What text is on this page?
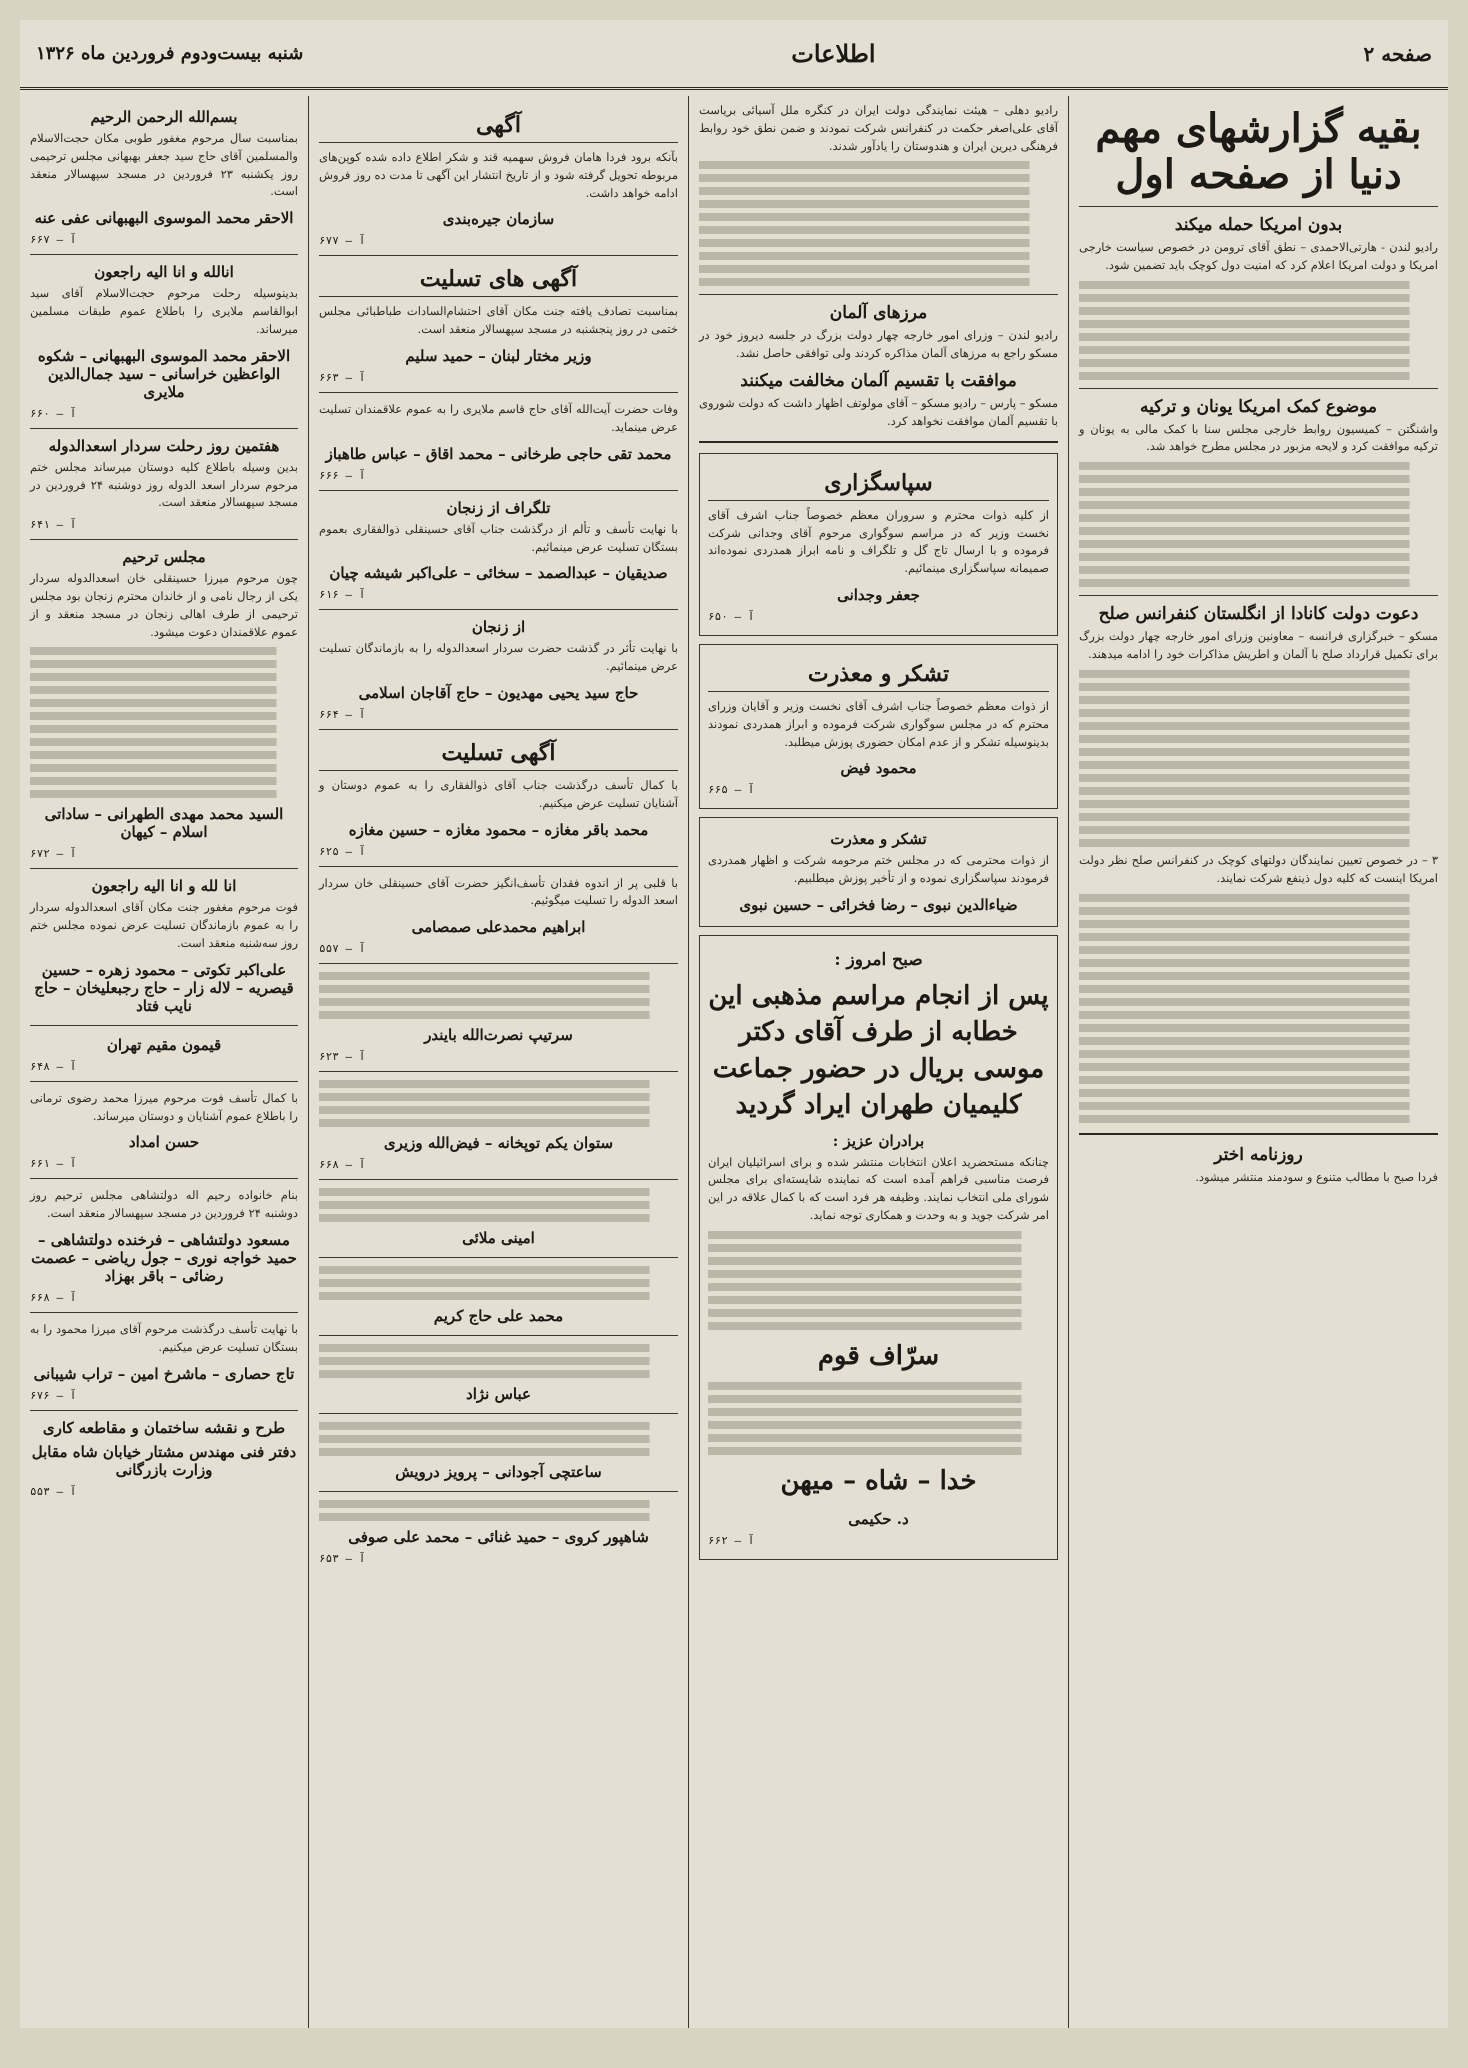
صفحه ۲
اطلاعات
شنبه بیست‌ودوم فروردین ماه ۱۳۲۶
بقیه گزارشهای مهم دنیا از صفحه اول
بدون امریکا حمله میکند

رادیو لندن - هارتی‌الاحمدی – نطق آقای ترومن در خصوص سیاست خارجی امریکا و دولت امریکا اعلام کرد که امنیت دول کوچک باید تضمین شود.

موضوع کمک امریکا یونان و ترکیه

واشنگتن – کمیسیون روابط خارجی مجلس سنا با کمک مالی به یونان و ترکیه موافقت کرد و لایحه مزبور در مجلس مطرح خواهد شد.

دعوت دولت کانادا از انگلستان کنفرانس صلح

مسکو – خبرگزاری فرانسه – معاونین وزرای امور خارجه چهار دولت بزرگ برای تکمیل قرارداد صلح با آلمان و اطریش مذاکرات خود را ادامه میدهند.

۳ – در خصوص تعیین نمایندگان دولتهای کوچک در کنفرانس صلح نظر دولت امریکا اینست که کلیه دول ذینفع شرکت نمایند.

روزنامه اختر

فردا صبح با مطالب متنوع و سودمند منتشر میشود.

رادیو دهلی – هیئت نمایندگی دولت ایران در کنگره ملل آسیائی بریاست آقای علی‌اصغر حکمت در کنفرانس شرکت نمودند و ضمن نطق خود روابط فرهنگی دیرین ایران و هندوستان را یادآور شدند.

مرزهای آلمان

رادیو لندن – وزرای امور خارجه چهار دولت بزرگ در جلسه دیروز خود در مسکو راجع به مرزهای آلمان مذاکره کردند ولی توافقی حاصل نشد.

موافقت با تقسیم آلمان مخالفت میکنند

مسکو – پارس – رادیو مسکو – آقای مولوتف اظهار داشت که دولت شوروی با تقسیم آلمان موافقت نخواهد کرد.

سپاسگزاری

از کلیه ذوات محترم و سروران معظم خصوصاً جناب اشرف آقای نخست وزیر که در مراسم سوگواری مرحوم آقای وجدانی شرکت فرموده و با ارسال تاج گل و تلگراف و نامه ابراز همدردی نموده‌اند صمیمانه سپاسگزاری مینمائیم.

جعفر وجدانی
۶۵۰ – آ
تشکر و معذرت

از ذوات معظم خصوصاً جناب اشرف آقای نخست وزیر و آقایان وزرای محترم که در مجلس سوگواری شرکت فرموده و ابراز همدردی نمودند بدینوسیله تشکر و از عدم امکان حضوری پوزش میطلبد.

محمود فیض
۶۶۵ – آ
تشکر و معذرت

از ذوات محترمی که در مجلس ختم مرحومه شرکت و اظهار همدردی فرمودند سپاسگزاری نموده و از تأخیر پوزش میطلبیم.

ضیاءالدین نبوی – رضا فخرائی – حسین نبوی
صبح امروز :
پس از انجام مراسم مذهبی این خطابه از طرف آقای دکتر موسی بریال در حضور جماعت کلیمیان طهران ایراد گردید
برادران عزیز :

چنانکه مستحضرید اعلان انتخابات منتشر شده و برای اسرائیلیان ایران فرصت مناسبی فراهم آمده است که نماینده شایسته‌ای برای مجلس شورای ملی انتخاب نمایند. وظیفه هر فرد است که با کمال علاقه در این امر شرکت جوید و به وحدت و همکاری توجه نماید.

سرّاف قوم
خدا – شاه – میهن
د. حکیمی
۶۶۲ – آ
آگهی

بآنکه برود فردا هامان فروش سهمیه قند و شکر اطلاع داده شده کوپن‌های مربوطه تحویل گرفته شود و از تاریخ انتشار این آگهی تا مدت ده روز فروش ادامه خواهد داشت.

سازمان جیره‌بندی
۶۷۷ – آ
آگهی های تسلیت

بمناسبت تصادف یافته جنت مکان آقای احتشام‌السادات طباطبائی مجلس ختمی در روز پنجشنبه در مسجد سپهسالار منعقد است.

وزیر مختار لبنان – حمید سلیم
۶۶۳ – آ

وفات حضرت آیت‌الله آقای حاج قاسم ملایری را به عموم علاقمندان تسلیت عرض مینماید.

محمد تقی حاجی طرخانی – محمد اقاق – عباس طاهباز
۶۶۶ – آ
تلگراف از زنجان

با نهایت تأسف و تألم از درگذشت جناب آقای حسینقلی ذوالفقاری بعموم بستگان تسلیت عرض مینمائیم.

صدیقیان – عبدالصمد – سخائی – علی‌اکبر شیشه چیان
۶۱۶ – آ
از زنجان

با نهایت تأثر در گذشت حضرت سردار اسعدالدوله را به بازماندگان تسلیت عرض مینمائیم.

حاج سید یحیی مهدیون – حاج آقاجان اسلامی
۶۶۴ – آ
آگهی تسلیت

با کمال تأسف درگذشت جناب آقای ذوالفقاری را به عموم دوستان و آشنایان تسلیت عرض میکنیم.

محمد باقر مغازه – محمود مغازه – حسین مغازه
۶۲۵ – آ

با قلبی پر از اندوه فقدان تأسف‌انگیز حضرت آقای حسینقلی خان سردار اسعد الدوله را تسلیت میگوئیم.

ابراهیم محمدعلی صمصامی
۵۵۷ – آ
سرتیپ نصرت‌الله بایندر
۶۲۳ – آ
ستوان یکم توپخانه – فیض‌الله وزیری
۶۶۸ – آ
امینی ملائی
محمد علی حاج کریم
عباس نژاد
ساعتچی آجودانی – پرویز درویش
شاهپور کروی – حمید غنائی – محمد علی صوفی
۶۵۳ – آ
بسم‌الله الرحمن الرحیم

بمناسبت سال مرحوم مغفور طوبی مکان حجت‌الاسلام والمسلمین آقای حاج سید جعفر بهبهانی مجلس ترحیمی روز یکشنبه ۲۳ فروردین در مسجد سپهسالار منعقد است.

الاحقر محمد الموسوی البهبهانی عفی عنه
۶۶۷ – آ
انالله و انا الیه راجعون

بدینوسیله رحلت مرحوم حجت‌الاسلام آقای سید ابوالقاسم ملایری را باطلاع عموم طبقات مسلمین میرساند.

الاحقر محمد الموسوی البهبهانی – شکوه الواعظین خراسانی – سید جمال‌الدین ملایری
۶۶۰ – آ
هفتمین روز رحلت سردار اسعدالدوله

بدین وسیله باطلاع کلیه دوستان میرساند مجلس ختم مرحوم سردار اسعد الدوله روز دوشنبه ۲۴ فروردین در مسجد سپهسالار منعقد است.

۶۴۱ – آ
مجلس ترحیم

چون مرحوم میرزا حسینقلی خان اسعدالدوله سردار یکی از رجال نامی و از خاندان محترم زنجان بود مجلس ترحیمی از طرف اهالی زنجان در مسجد منعقد و از عموم علاقمندان دعوت میشود.

السید محمد مهدی الطهرانی – ساداتی اسلام – کیهان
۶۷۲ – آ
انا لله و انا الیه راجعون

فوت مرحوم مغفور جنت مکان آقای اسعدالدوله سردار را به عموم بازماندگان تسلیت عرض نموده مجلس ختم روز سه‌شنبه منعقد است.

علی‌اکبر تکوتی – محمود زهره – حسین قیصریه – لاله زار – حاج رجبعلیخان – حاج نایب فتاد
قیمون مقیم تهران
۶۴۸ – آ

با کمال تأسف فوت مرحوم میرزا محمد رضوی ترمانی را باطلاع عموم آشنایان و دوستان میرساند.

حسن امداد
۶۶۱ – آ

بنام خانواده رحیم اله دولتشاهی مجلس ترحیم روز دوشنبه ۲۴ فروردین در مسجد سپهسالار منعقد است.

مسعود دولتشاهی – فرخنده دولتشاهی – حمید خواجه نوری – جول ریاضی – عصمت رضائی – باقر بهزاد
۶۶۸ – آ

با نهایت تأسف درگذشت مرحوم آقای میرزا محمود را به بستگان تسلیت عرض میکنیم.

تاج حصاری – ماشرخ امین – تراب شیبانی
۶۷۶ – آ
طرح و نقشه ساختمان و مقاطعه کاری
دفتر فنی مهندس مشتار خیابان شاه مقابل وزارت بازرگانی
۵۵۳ – آ
